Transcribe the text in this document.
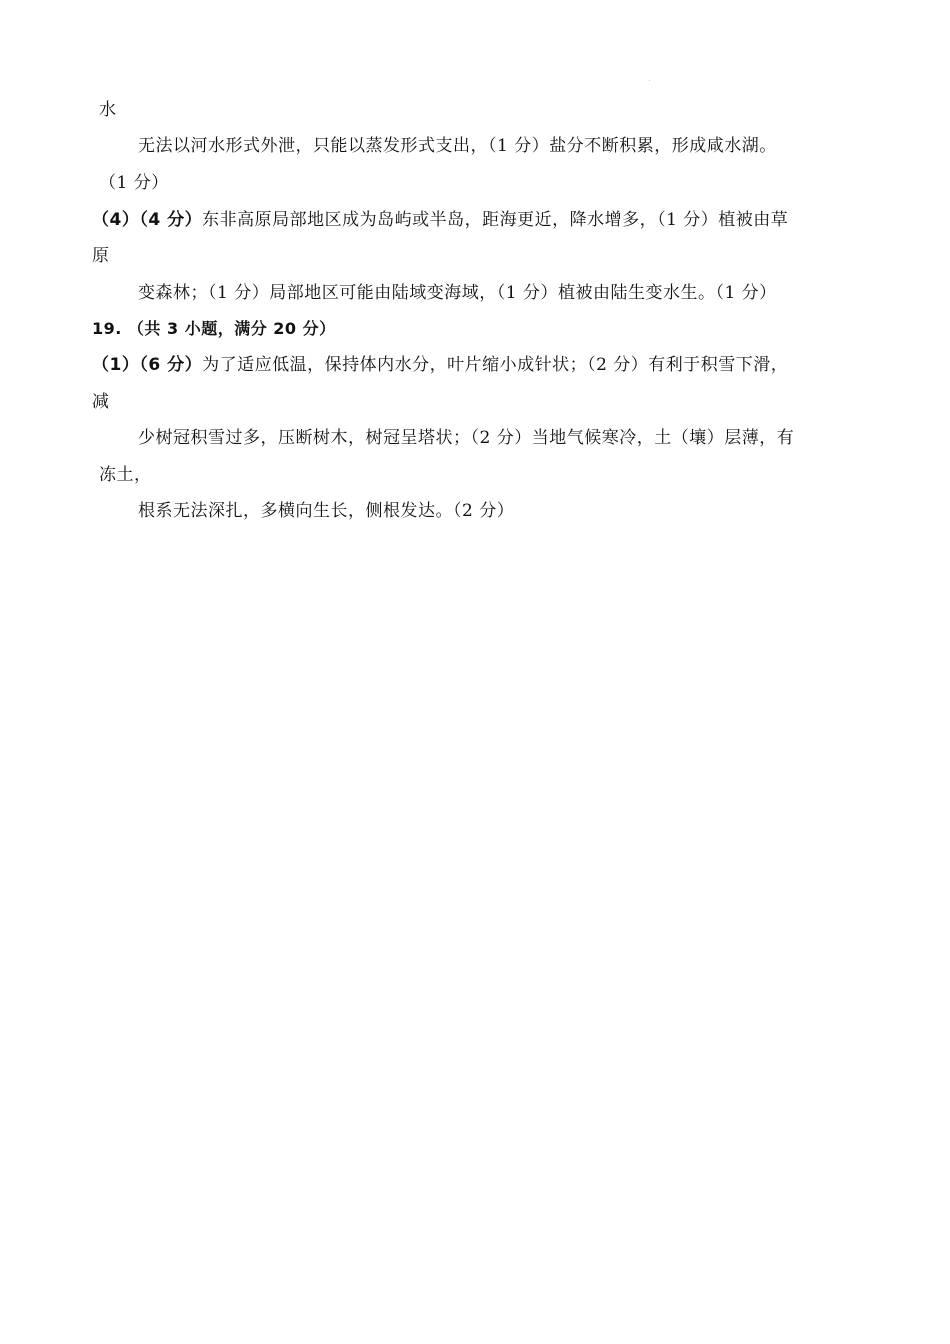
水
无法以河水形式外泄，只能以蒸发形式支出，（1 分）盐分不断积累，形成咸水湖。
（1 分）
（4）（4 分）东非高原局部地区成为岛屿或半岛，距海更近，降水增多，（1 分）植被由草
原
变森林；（1 分）局部地区可能由陆域变海域，（1 分）植被由陆生变水生。（1 分）
19. （共 3 小题，满分 20 分）
（1）（6 分）为了适应低温，保持体内水分，叶片缩小成针状；（2 分）有利于积雪下滑，
减
少树冠积雪过多，压断树木，树冠呈塔状；（2 分）当地气候寒冷，土（壤）层薄，有
冻土，
根系无法深扎，多横向生长，侧根发达。（2 分）
